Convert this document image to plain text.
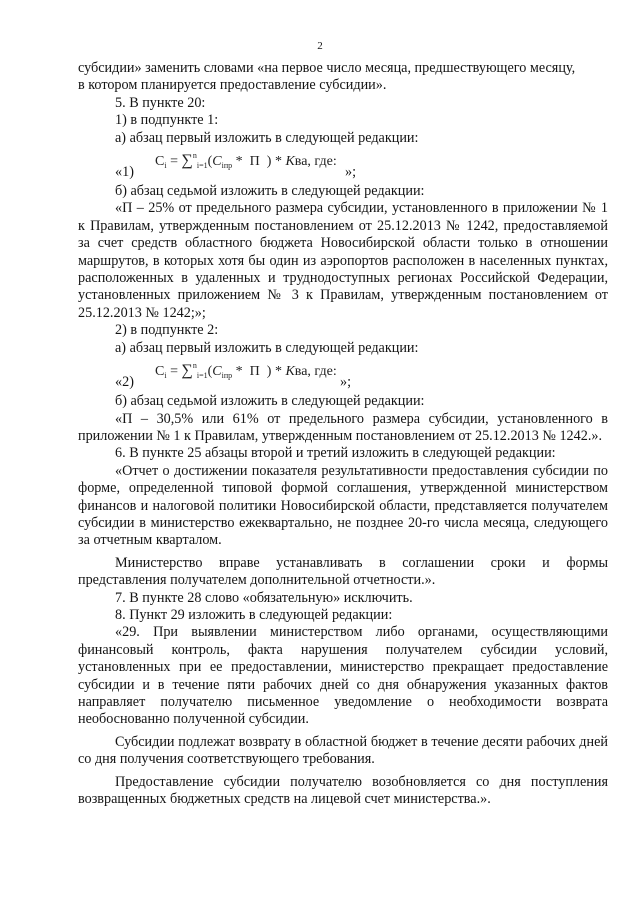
2

субсидии» заменить словами «на первое число месяца, предшествующего месяцу,

в котором планируется предоставление субсидии».

5. В пункте 20:

1) в подпункте 1:

а) абзац первый изложить в следующей редакции:

«1)
$C_i = \sum^n_{i=1}(C_{iпр} * П$  ) * Kва, где:
»;

б) абзац седьмой изложить в следующей редакции:

«П – 25% от предельного размера субсидии, установленного в приложении № 1 к Правилам, утвержденным постановлением от 25.12.2013 № 1242, предоставляемой за счет средств областного бюджета Новосибирской области только в отношении маршрутов, в которых хотя бы один из аэропортов расположен в населенных пунктах, расположенных в удаленных и труднодоступных регионах Российской Федерации, установленных приложением № 3 к Правилам, утвержденным постановлением от 25.12.2013 № 1242;»;

2) в подпункте 2:

а) абзац первый изложить в следующей редакции:

«2)
$C_i = \sum^n_{i=1}(C_{iпр} * П$  ) * Kва, где:
»;

б) абзац седьмой изложить в следующей редакции:

«П – 30,5% или 61% от предельного размера субсидии, установленного в приложении № 1 к Правилам, утвержденным постановлением от 25.12.2013 № 1242.».

6. В пункте 25 абзацы второй и третий изложить в следующей редакции:

«Отчет о достижении показателя результативности предоставления субсидии по форме, определенной типовой формой соглашения, утвержденной министерством финансов и налоговой политики Новосибирской области, представляется получателем субсидии в министерство ежеквартально, не позднее 20-го числа месяца, следующего за отчетным кварталом.

Министерство вправе устанавливать в соглашении сроки и формы представления получателем дополнительной отчетности.».

7. В пункте 28 слово «обязательную» исключить.

8. Пункт 29 изложить в следующей редакции:

«29. При выявлении министерством либо органами, осуществляющими финансовый контроль, факта нарушения получателем субсидии условий, установленных при ее предоставлении, министерство прекращает предоставление субсидии и в течение пяти рабочих дней со дня обнаружения указанных фактов направляет получателю письменное уведомление о необходимости возврата необоснованно полученной субсидии.

Субсидии подлежат возврату в областной бюджет в течение десяти рабочих дней со дня получения соответствующего требования.

Предоставление субсидии получателю возобновляется со дня поступления возвращенных бюджетных средств на лицевой счет министерства.».
